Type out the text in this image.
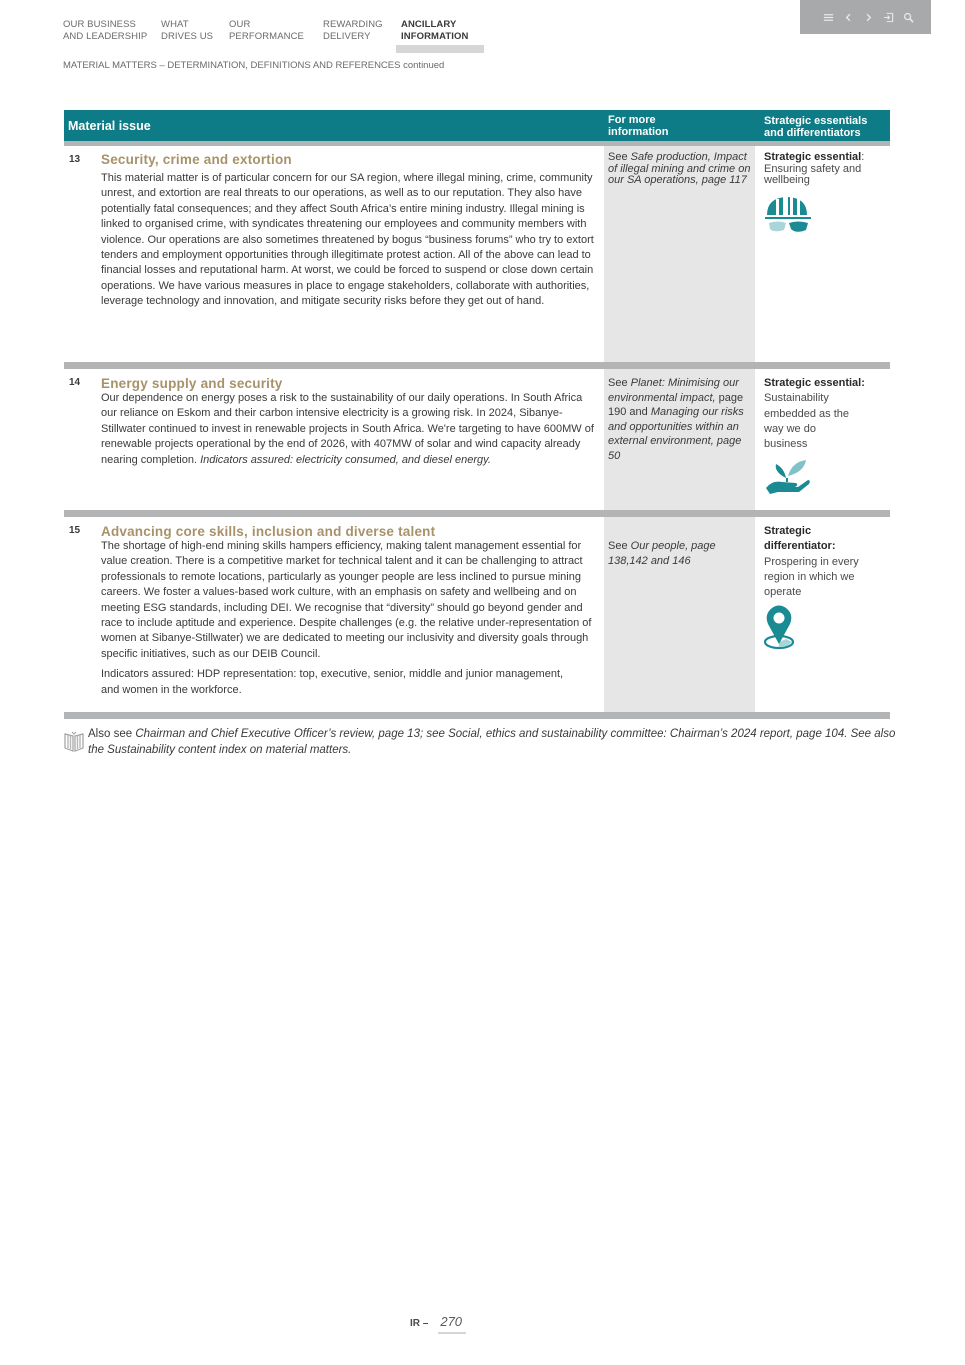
OUR BUSINESS
AND LEADERSHIP
WHAT
DRIVES US
OUR
PERFORMANCE
REWARDING
DELIVERY
ANCILLARY
INFORMATION
MATERIAL MATTERS – DETERMINATION, DEFINITIONS AND REFERENCES continued
Material issue	For more
information
Strategic essentials
and differentiators
13 Security, crime and extortion
This material matter is of particular concern for our SA region, where illegal mining, crime, community unrest, and extortion are real threats to our operations, as well as to our reputation. They also have potentially fatal consequences; and they affect South Africa’s entire mining industry. Illegal mining is linked to organised crime, with syndicates threatening our employees and community members with violence. Our operations are also sometimes threatened by bogus “business forums” who try to extort tenders and employment opportunities through illegitimate protest action. All of the above can lead to financial losses and reputational harm. At worst, we could be forced to suspend or close down certain operations. We have various measures in place to engage stakeholders, collaborate with authorities, leverage technology and innovation, and mitigate security risks before they get out of hand.
See Safe production, Impact of illegal mining and crime on our SA operations, page 117
Strategic essential:
Ensuring safety and wellbeing
14 Energy supply and security
Our dependence on energy poses a risk to the sustainability of our daily operations. In South Africa our reliance on Eskom and their carbon intensive electricity is a growing risk. In 2024, Sibanye-Stillwater continued to invest in renewable projects in South Africa. We're targeting to have 600MW of renewable projects operational by the end of 2026, with 407MW of solar and wind capacity already nearing completion. Indicators assured: electricity consumed, and diesel energy.
See Planet: Minimising our environmental impact, page 190 and Managing our risks and opportunities within an external environment, page 50
Strategic essential:
Sustainability embedded as the way we do business
15 Advancing core skills, inclusion and diverse talent
The shortage of high-end mining skills hampers efficiency, making talent management essential for value creation. There is a competitive market for technical talent and it can be challenging to attract professionals to remote locations, particularly as younger people are less inclined to pursue mining careers. We foster a values-based work culture, with an emphasis on safety and wellbeing and on meeting ESG standards, including DEI. We recognise that “diversity” should go beyond gender and race to include aptitude and experience. Despite challenges (e.g. the relative under-representation of women at Sibanye-Stillwater) we are dedicated to meeting our inclusivity and diversity goals through specific initiatives, such as our DEIB Council.
Indicators assured: HDP representation: top, executive, senior, middle and junior management, and women in the workforce.
See Our people, page 138,142 and 146
Strategic differentiator:
Prospering in every region in which we operate
Also see Chairman and Chief Executive Officer’s review, page 13; see Social, ethics and sustainability committee: Chairman’s 2024 report, page 104. See also the Sustainability content index on material matters.
IR – 270
